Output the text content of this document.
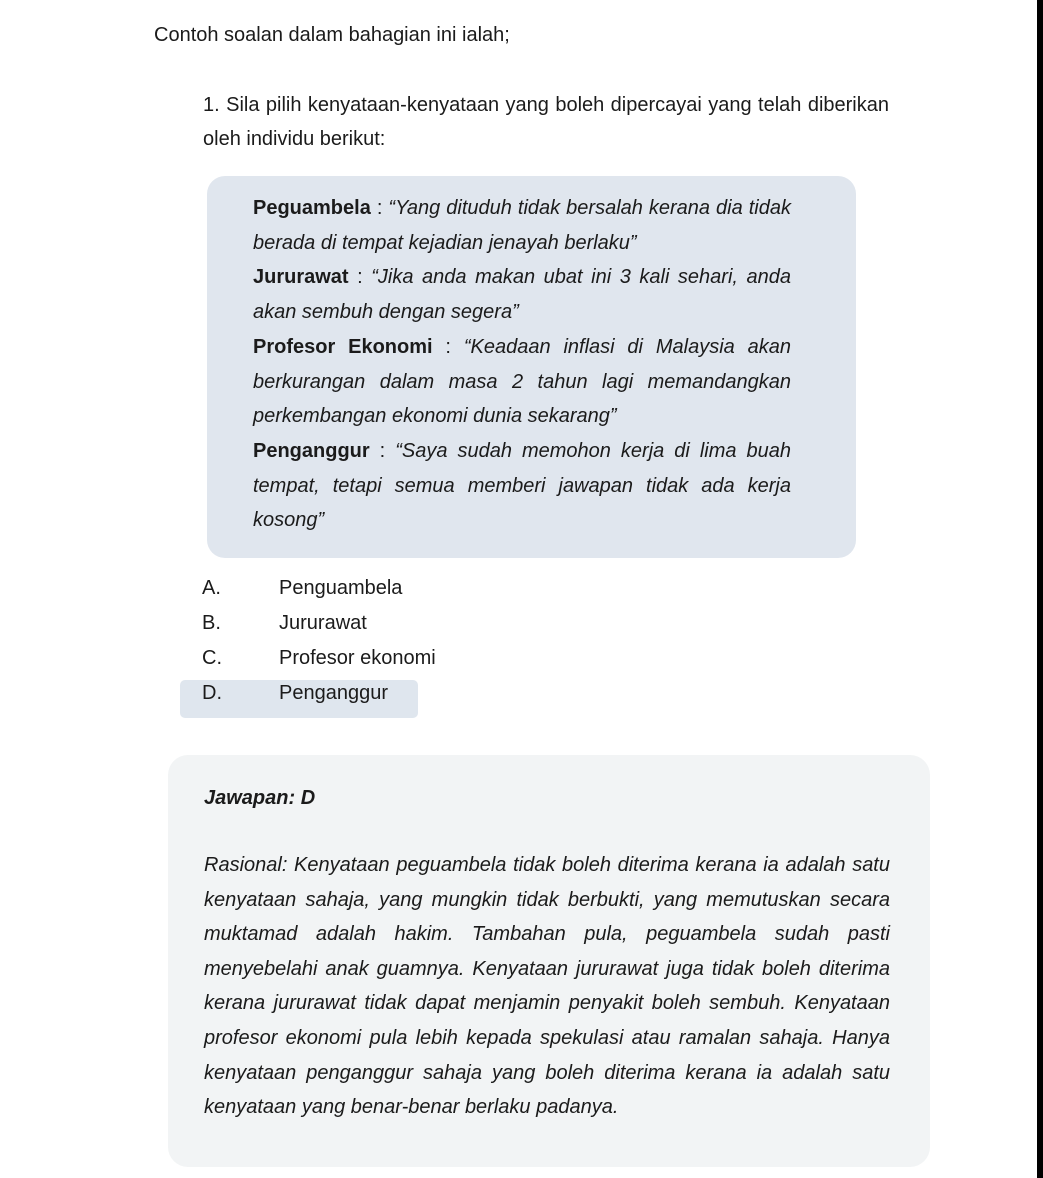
Contoh soalan dalam bahagian ini ialah;

1. Sila pilih kenyataan-kenyataan yang boleh dipercayai yang telah diberikan oleh individu berikut:

Peguambela : “Yang dituduh tidak bersalah kerana dia tidak berada di tempat kejadian jenayah berlaku”

Jururawat : “Jika anda makan ubat ini 3 kali sehari, anda akan sembuh dengan segera”

Profesor Ekonomi : “Keadaan inflasi di Malaysia akan berkurangan dalam masa 2 tahun lagi memandangkan perkembangan ekonomi dunia sekarang”

Penganggur : “Saya sudah memohon kerja di lima buah tempat, tetapi semua memberi jawapan tidak ada kerja kosong”

A.	Penguambela
B.	Jururawat
C.	Profesor ekonomi
D.	Penganggur

Jawapan: D

Rasional: Kenyataan peguambela tidak boleh diterima kerana ia adalah satu kenyataan sahaja, yang mungkin tidak berbukti, yang memutuskan secara muktamad adalah hakim. Tambahan pula, peguambela sudah pasti menyebelahi anak guamnya. Kenyataan jururawat juga tidak boleh diterima kerana jururawat tidak dapat menjamin penyakit boleh sembuh. Kenyataan profesor ekonomi pula lebih kepada spekulasi atau ramalan sahaja. Hanya kenyataan penganggur sahaja yang boleh diterima kerana ia adalah satu kenyataan yang benar-benar berlaku padanya.
